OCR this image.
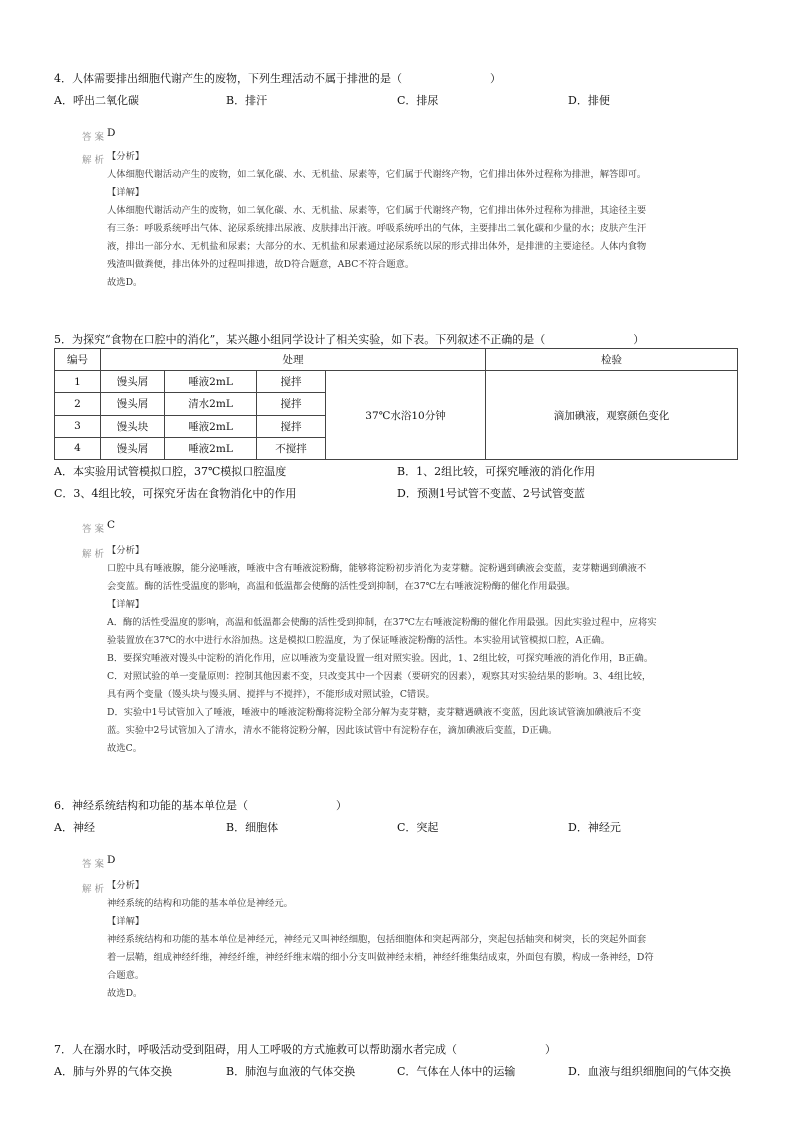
4．人体需要排出细胞代谢产生的废物，下列生理活动不属于排泄的是（　　　　　　　　）
A．呼出二氧化碳	B．排汗	C．排尿	D．排便
答案 D
解析 【分析】
人体细胞代谢活动产生的废物，如二氧化碳、水、无机盐、尿素等，它们属于代谢终产物，它们排出体外过程称为排泄，解答即可。
【详解】
人体细胞代谢活动产生的废物，如二氧化碳、水、无机盐、尿素等，它们属于代谢终产物，它们排出体外过程称为排泄，其途径主要
有三条：呼吸系统呼出气体、泌尿系统排出尿液、皮肤排出汗液。呼吸系统呼出的气体，主要排出二氧化碳和少量的水；皮肤产生汗
液，排出一部分水、无机盐和尿素；大部分的水、无机盐和尿素通过泌尿系统以尿的形式排出体外，是排泄的主要途径。人体内食物
残渣叫做粪便，排出体外的过程叫排遗，故D符合题意，ABC不符合题意。
故选D。
5．为探究“食物在口腔中的消化”，某兴趣小组同学设计了相关实验，如下表。下列叙述不正确的是（　　　　　　　　）
编号	处理				检验
1	馒头屑	唾液2mL	搅拌	37℃水浴10分钟	滴加碘液，观察颜色变化
2	馒头屑	清水2mL	搅拌		
3	馒头块	唾液2mL	搅拌		
4	馒头屑	唾液2mL	不搅拌		
A．本实验用试管模拟口腔，37℃模拟口腔温度	B．1、2组比较，可探究唾液的消化作用
C．3、4组比较，可探究牙齿在食物消化中的作用	D．预测1号试管不变蓝、2号试管变蓝
答案 C
解析 【分析】
口腔中具有唾液腺，能分泌唾液，唾液中含有唾液淀粉酶，能够将淀粉初步消化为麦芽糖。淀粉遇到碘液会变蓝，麦芽糖遇到碘液不
会变蓝。酶的活性受温度的影响，高温和低温都会使酶的活性受到抑制，在37℃左右唾液淀粉酶的催化作用最强。
【详解】
A．酶的活性受温度的影响，高温和低温都会使酶的活性受到抑制，在37℃左右唾液淀粉酶的催化作用最强。因此实验过程中，应将实
验装置放在37℃的水中进行水浴加热。这是模拟口腔温度，为了保证唾液淀粉酶的活性。本实验用试管模拟口腔，A正确。
B．要探究唾液对馒头中淀粉的消化作用，应以唾液为变量设置一组对照实验。因此，1、2组比较，可探究唾液的消化作用，B正确。
C．对照试验的单一变量原则：控制其他因素不变，只改变其中一个因素（要研究的因素），观察其对实验结果的影响。3、4组比较，
具有两个变量（馒头块与馒头屑、搅拌与不搅拌），不能形成对照试验，C错误。
D．实验中1号试管加入了唾液，唾液中的唾液淀粉酶将淀粉全部分解为麦芽糖，麦芽糖遇碘液不变蓝，因此该试管滴加碘液后不变
蓝。实验中2号试管加入了清水，清水不能将淀粉分解，因此该试管中有淀粉存在，滴加碘液后变蓝，D正确。
故选C。
6．神经系统结构和功能的基本单位是（　　　　　　　　）
A．神经	B．细胞体	C．突起	D．神经元
答案 D
解析 【分析】
神经系统的结构和功能的基本单位是神经元。
【详解】
神经系统结构和功能的基本单位是神经元，神经元又叫神经细胞，包括细胞体和突起两部分，突起包括轴突和树突，长的突起外面套
着一层鞘，组成神经纤维，神经纤维，神经纤维末端的细小分支叫做神经末梢，神经纤维集结成束，外面包有膜，构成一条神经，D符
合题意。
故选D。
7．人在溺水时，呼吸活动受到阻碍，用人工呼吸的方式施救可以帮助溺水者完成（　　　　　　　　）
A．肺与外界的气体交换	B．肺泡与血液的气体交换	C．气体在人体中的运输	D．血液与组织细胞间的气体交换
